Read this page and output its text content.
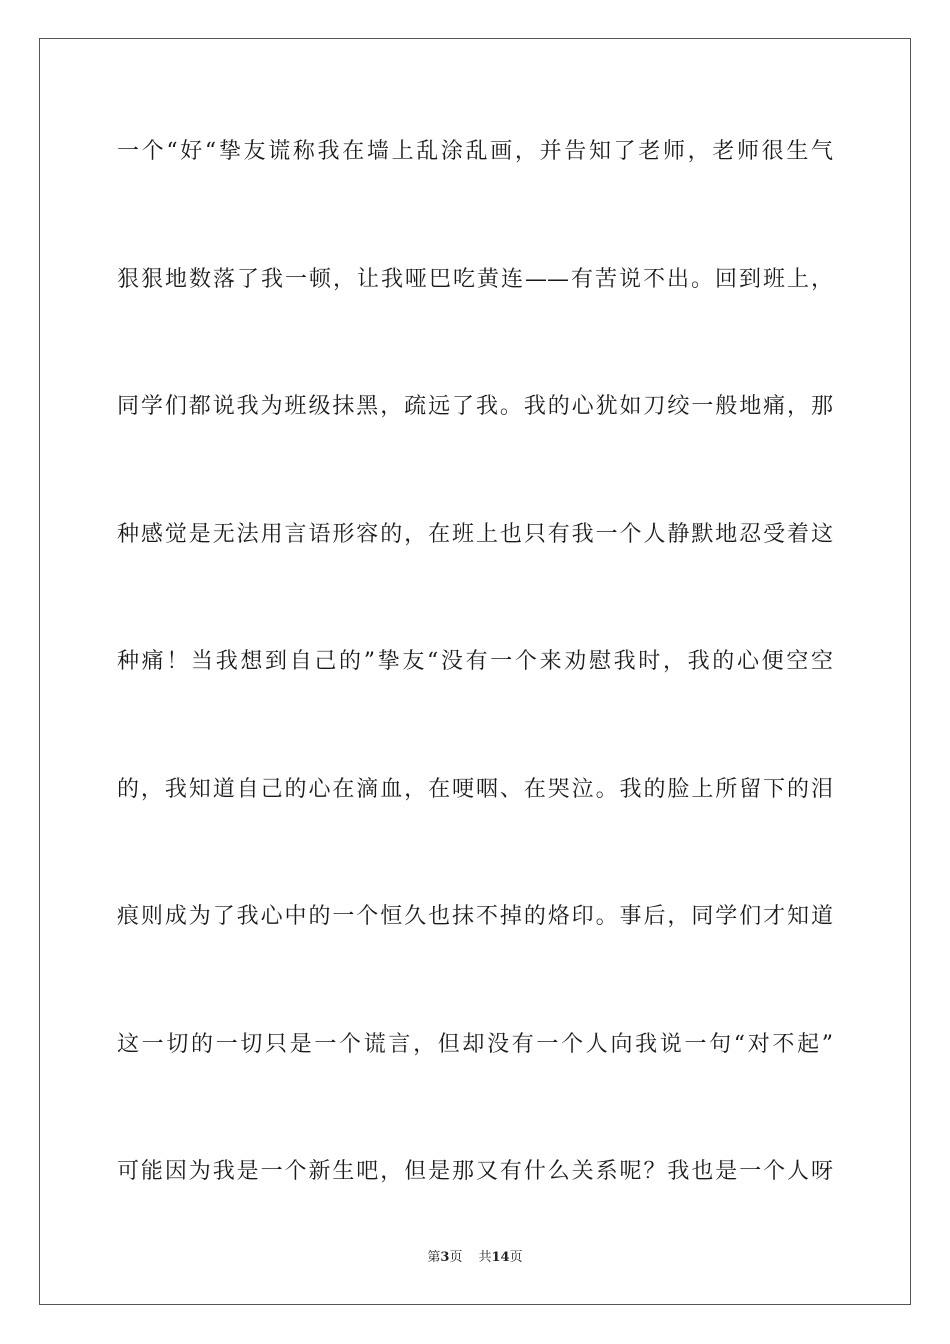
一个“好“挚友谎称我在墙上乱涂乱画，并告知了老师，老师很生气
狠狠地数落了我一顿，让我哑巴吃黄连——有苦说不出。回到班上，
同学们都说我为班级抹黑，疏远了我。我的心犹如刀绞一般地痛，那
种感觉是无法用言语形容的，在班上也只有我一个人静默地忍受着这
种痛！当我想到自己的”挚友“没有一个来劝慰我时，我的心便空空
的，我知道自己的心在滴血，在哽咽、在哭泣。我的脸上所留下的泪
痕则成为了我心中的一个恒久也抹不掉的烙印。事后，同学们才知道
这一切的一切只是一个谎言，但却没有一个人向我说一句“对不起”
可能因为我是一个新生吧，但是那又有什么关系呢？我也是一个人呀
第3页 共14页
